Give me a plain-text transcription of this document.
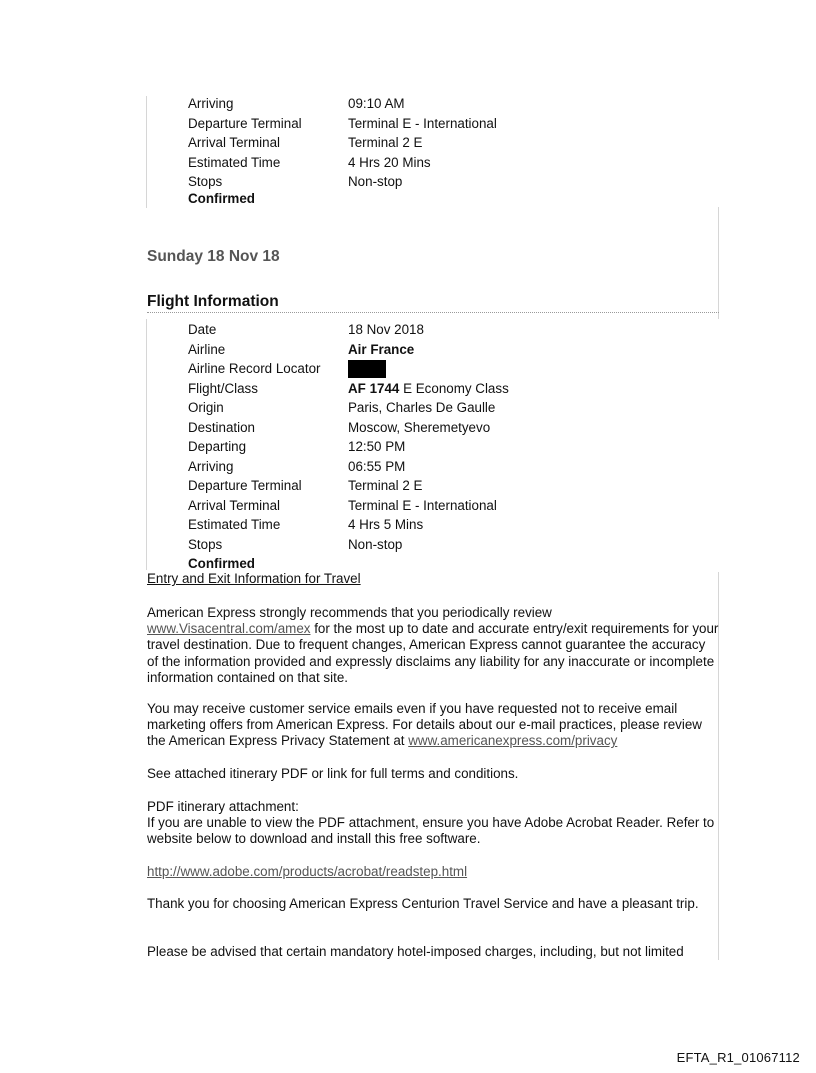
Arriving	09:10 AM
Departure Terminal	Terminal E - International
Arrival Terminal	Terminal 2 E
Estimated Time	4 Hrs 20 Mins
Stops	Non-stop
Confirmed
Sunday 18 Nov 18
Flight Information
Date	18 Nov 2018
Airline	Air France
Airline Record Locator
Flight/Class	AF 1744 E Economy Class
Origin	Paris, Charles De Gaulle
Destination	Moscow, Sheremetyevo
Departing	12:50 PM
Arriving	06:55 PM
Departure Terminal	Terminal 2 E
Arrival Terminal	Terminal E - International
Estimated Time	4 Hrs 5 Mins
Stops	Non-stop
Confirmed
Entry and Exit Information for Travel

American Express strongly recommends that you periodically review www.Visacentral.com/amex for the most up to date and accurate entry/exit requirements for your travel destination. Due to frequent changes, American Express cannot guarantee the accuracy of the information provided and expressly disclaims any liability for any inaccurate or incomplete information contained on that site.

You may receive customer service emails even if you have requested not to receive email marketing offers from American Express. For details about our e-mail practices, please review the American Express Privacy Statement at www.americanexpress.com/privacy

See attached itinerary PDF or link for full terms and conditions.

PDF itinerary attachment:

If you are unable to view the PDF attachment, ensure you have Adobe Acrobat Reader. Refer to website below to download and install this free software.

http://www.adobe.com/products/acrobat/readstep.html

Thank you for choosing American Express Centurion Travel Service and have a pleasant trip.

Please be advised that certain mandatory hotel-imposed charges, including, but not limited

EFTA_R1_01067112
